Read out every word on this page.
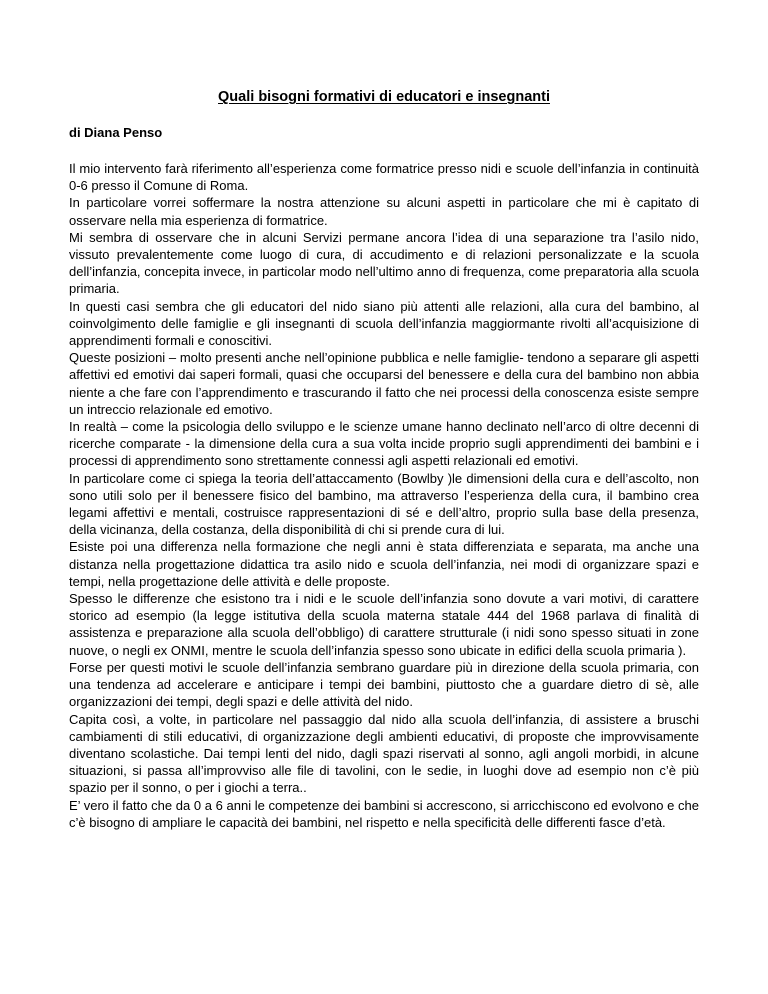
Quali bisogni formativi di educatori e insegnanti

di Diana Penso

Il mio intervento farà riferimento all’esperienza come formatrice presso nidi e scuole dell’infanzia in continuità 0-6 presso il Comune di Roma.

In particolare vorrei soffermare la nostra attenzione su alcuni aspetti in particolare che mi è capitato di osservare nella mia esperienza di formatrice.

Mi sembra di osservare che in alcuni Servizi permane ancora l’idea di una separazione tra l’asilo nido, vissuto prevalentemente come luogo di cura, di accudimento e di relazioni personalizzate e la scuola dell’infanzia, concepita invece, in particolar modo nell’ultimo anno di frequenza, come preparatoria alla scuola primaria.

In questi casi sembra che gli educatori del nido siano più attenti alle relazioni, alla cura del bambino, al coinvolgimento delle famiglie e gli insegnanti di scuola dell’infanzia maggiormante rivolti all’acquisizione di apprendimenti formali e conoscitivi.

Queste posizioni – molto presenti anche nell’opinione pubblica e nelle famiglie- tendono a separare gli aspetti affettivi ed emotivi dai saperi formali, quasi che occuparsi del benessere e della cura del bambino non abbia niente a che fare con l’apprendimento e trascurando il fatto che nei processi della conoscenza esiste sempre un intreccio relazionale ed emotivo.

In realtà – come la psicologia dello sviluppo e le scienze umane hanno declinato nell’arco di oltre decenni di ricerche comparate - la dimensione della cura a sua volta incide proprio sugli apprendimenti dei bambini e i processi di apprendimento sono strettamente connessi agli aspetti relazionali ed emotivi.

In particolare come ci spiega la teoria dell’attaccamento (Bowlby )le dimensioni della cura e dell’ascolto, non sono utili solo per il benessere fisico del bambino, ma attraverso l’esperienza della cura, il bambino crea legami affettivi e mentali, costruisce rappresentazioni di sé e dell’altro, proprio sulla base della presenza, della vicinanza, della costanza, della disponibilità di chi si prende cura di lui.

Esiste poi una differenza nella formazione che negli anni è stata differenziata e separata, ma anche una distanza nella progettazione didattica tra asilo nido e scuola dell’infanzia, nei modi di organizzare spazi e tempi, nella progettazione delle attività e delle proposte.

Spesso le differenze che esistono tra i nidi e le scuole dell’infanzia sono dovute a vari motivi, di carattere storico ad esempio (la legge istitutiva della scuola materna statale 444 del 1968 parlava di finalità di assistenza e preparazione alla scuola dell’obbligo) di carattere strutturale (i nidi sono spesso situati in zone nuove, o negli ex ONMI, mentre le scuola dell’infanzia spesso sono ubicate in edifici della scuola primaria ).

Forse per questi motivi le scuole dell’infanzia sembrano guardare più in direzione della scuola primaria, con una tendenza ad accelerare e anticipare i tempi dei bambini, piuttosto che a guardare dietro di sè, alle organizzazioni dei tempi, degli spazi e delle attività del nido.

Capita così, a volte, in particolare nel passaggio dal nido alla scuola dell’infanzia, di assistere a bruschi cambiamenti di stili educativi, di organizzazione degli ambienti educativi, di proposte che improvvisamente diventano scolastiche. Dai tempi lenti del nido, dagli spazi riservati al sonno, agli angoli morbidi, in alcune situazioni, si passa all’improvviso alle file di tavolini, con le sedie, in luoghi dove ad esempio non c’è più spazio per il sonno, o per i giochi a terra..

E’ vero il fatto che da 0 a 6 anni le competenze dei bambini si accrescono, si arricchiscono ed evolvono e che c’è bisogno di ampliare le capacità dei bambini, nel rispetto e nella specificità delle differenti fasce d’età.
